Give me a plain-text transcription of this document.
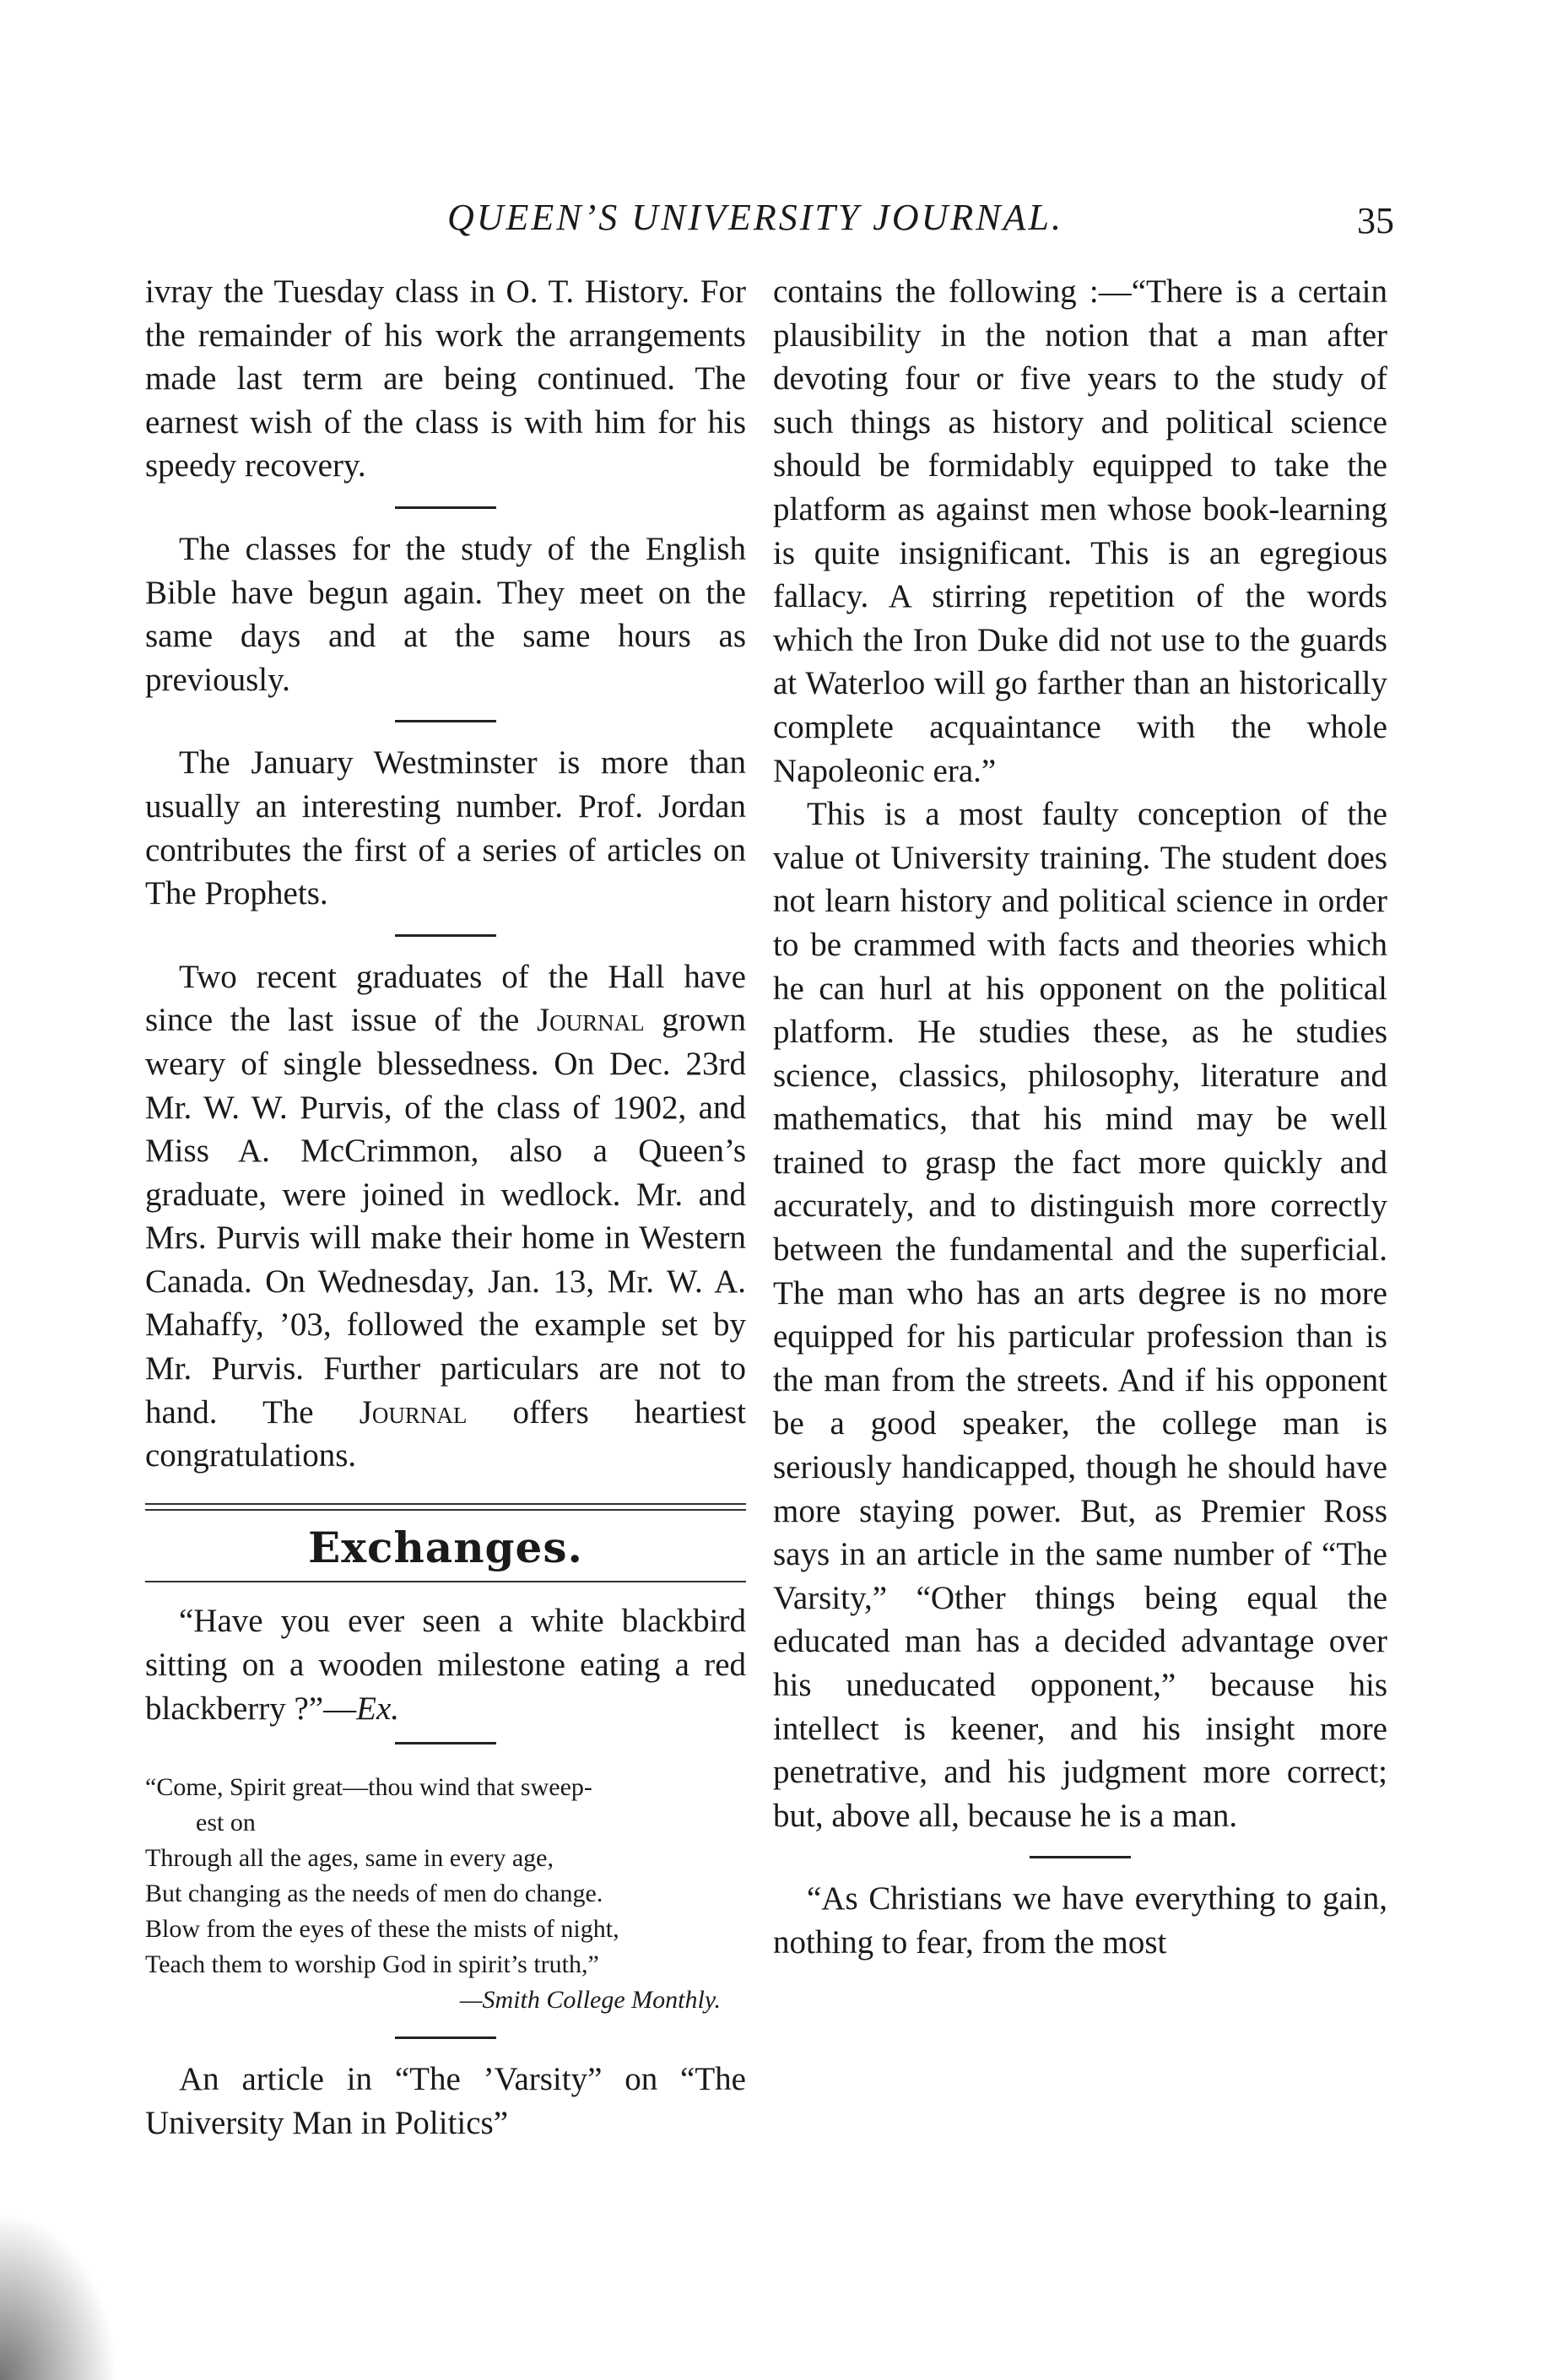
QUEEN’S UNIVERSITY JOURNAL.	35

ivray the Tuesday class in O. T. History. For the remainder of his work the arrangements made last term are being continued. The earnest wish of the class is with him for his speedy recovery.

The classes for the study of the English Bible have begun again. They meet on the same days and at the same hours as previously.

The January Westminster is more than usually an interesting number. Prof. Jordan contributes the first of a series of articles on The Prophets.

Two recent graduates of the Hall have since the last issue of the Journal grown weary of single blessedness. On Dec. 23rd Mr. W. W. Purvis, of the class of 1902, and Miss A. McCrimmon, also a Queen’s graduate, were joined in wedlock. Mr. and Mrs. Purvis will make their home in Western Canada. On Wednesday, Jan. 13, Mr. W. A. Mahaffy, ’03, followed the example set by Mr. Purvis. Further particulars are not to hand. The Journal offers heartiest congratulations.

Exchanges.

“Have you ever seen a white blackbird sitting on a wooden milestone eating a red blackberry ?”—Ex.

“Come, Spirit great—thou wind that sweep-
est on
Through all the ages, same in every age,
But changing as the needs of men do change.
Blow from the eyes of these the mists of night,
Teach them to worship God in spirit’s truth,”
—Smith College Monthly.

An article in “The ’Varsity” on “The University Man in Politics”

contains the following :—“There is a certain plausibility in the notion that a man after devoting four or five years to the study of such things as history and political science should be formidably equipped to take the platform as against men whose book-learning is quite insignificant. This is an egregious fallacy. A stirring repetition of the words which the Iron Duke did not use to the guards at Waterloo will go farther than an historically complete acquaintance with the whole Napoleonic era.”

This is a most faulty conception of the value ot University training. The student does not learn history and political science in order to be crammed with facts and theories which he can hurl at his opponent on the political platform. He studies these, as he studies science, classics, philosophy, literature and mathematics, that his mind may be well trained to grasp the fact more quickly and accurately, and to distinguish more correctly between the fundamental and the superficial. The man who has an arts degree is no more equipped for his particular profession than is the man from the streets. And if his opponent be a good speaker, the college man is seriously handicapped, though he should have more staying power. But, as Premier Ross says in an article in the same number of “The Varsity,” “Other things being equal the educated man has a decided advantage over his uneducated opponent,” because his intellect is keener, and his insight more penetrative, and his judgment more correct; but, above all, because he is a man.

“As Christians we have everything to gain, nothing to fear, from the most
